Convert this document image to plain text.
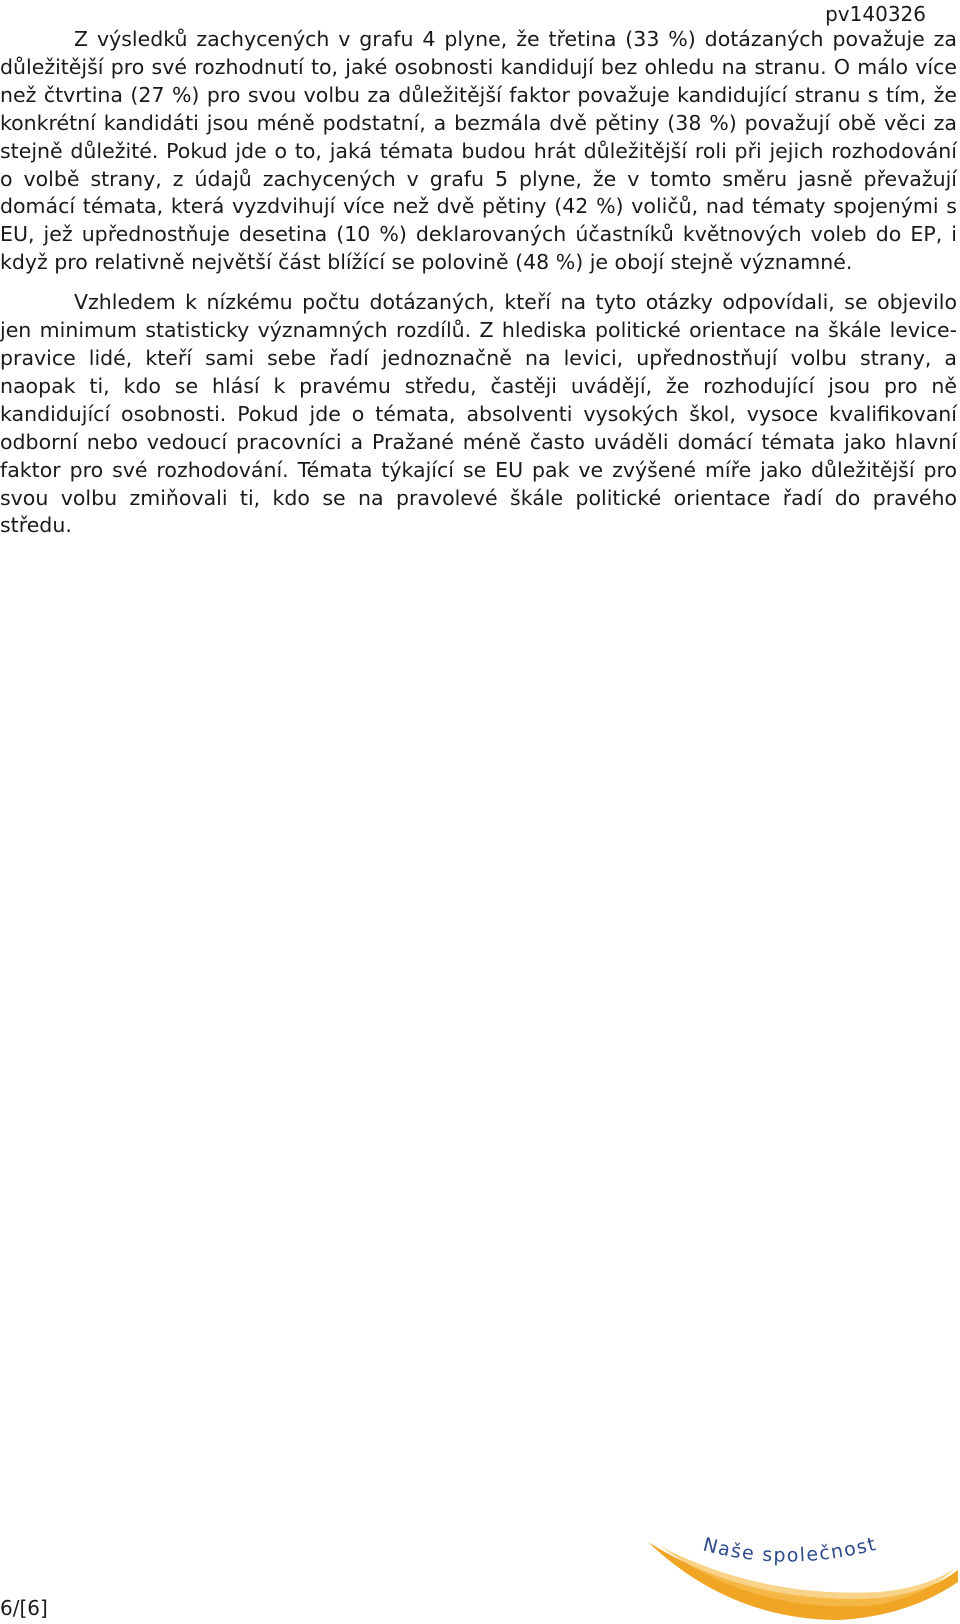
pv140326

Z výsledků zachycených v grafu 4 plyne, že třetina (33 %) dotázaných považuje za důležitější pro své rozhodnutí to, jaké osobnosti kandidují bez ohledu na stranu. O málo více než čtvrtina (27 %) pro svou volbu za důležitější faktor považuje kandidující stranu s tím, že konkrétní kandidáti jsou méně podstatní, a bezmála dvě pětiny (38 %) považují obě věci za stejně důležité. Pokud jde o to, jaká témata budou hrát důležitější roli při jejich rozhodování o volbě strany, z údajů zachycených v grafu 5 plyne, že v tomto směru jasně převažují domácí témata, která vyzdvihují více než dvě pětiny (42 %) voličů, nad tématy spojenými s EU, jež upřednostňuje desetina (10 %) deklarovaných účastníků květnových voleb do EP, i když pro relativně největší část blížící se polovině (48 %) je obojí stejně významné.

Vzhledem k nízkému počtu dotázaných, kteří na tyto otázky odpovídali, se objevilo jen minimum statisticky významných rozdílů. Z hlediska politické orientace na škále levice-pravice lidé, kteří sami sebe řadí jednoznačně na levici, upřednostňují volbu strany, a naopak ti, kdo se hlásí k pravému středu, častěji uvádějí, že rozhodující jsou pro ně kandidující osobnosti. Pokud jde o témata, absolventi vysokých škol, vysoce kvalifikovaní odborní nebo vedoucí pracovníci a Pražané méně často uváděli domácí témata jako hlavní faktor pro své rozhodování. Témata týkající se EU pak ve zvýšené míře jako důležitější pro svou volbu zmiňovali ti, kdo se na pravolevé škále politické orientace řadí do pravého středu.

6/[6]
Naše společnost
